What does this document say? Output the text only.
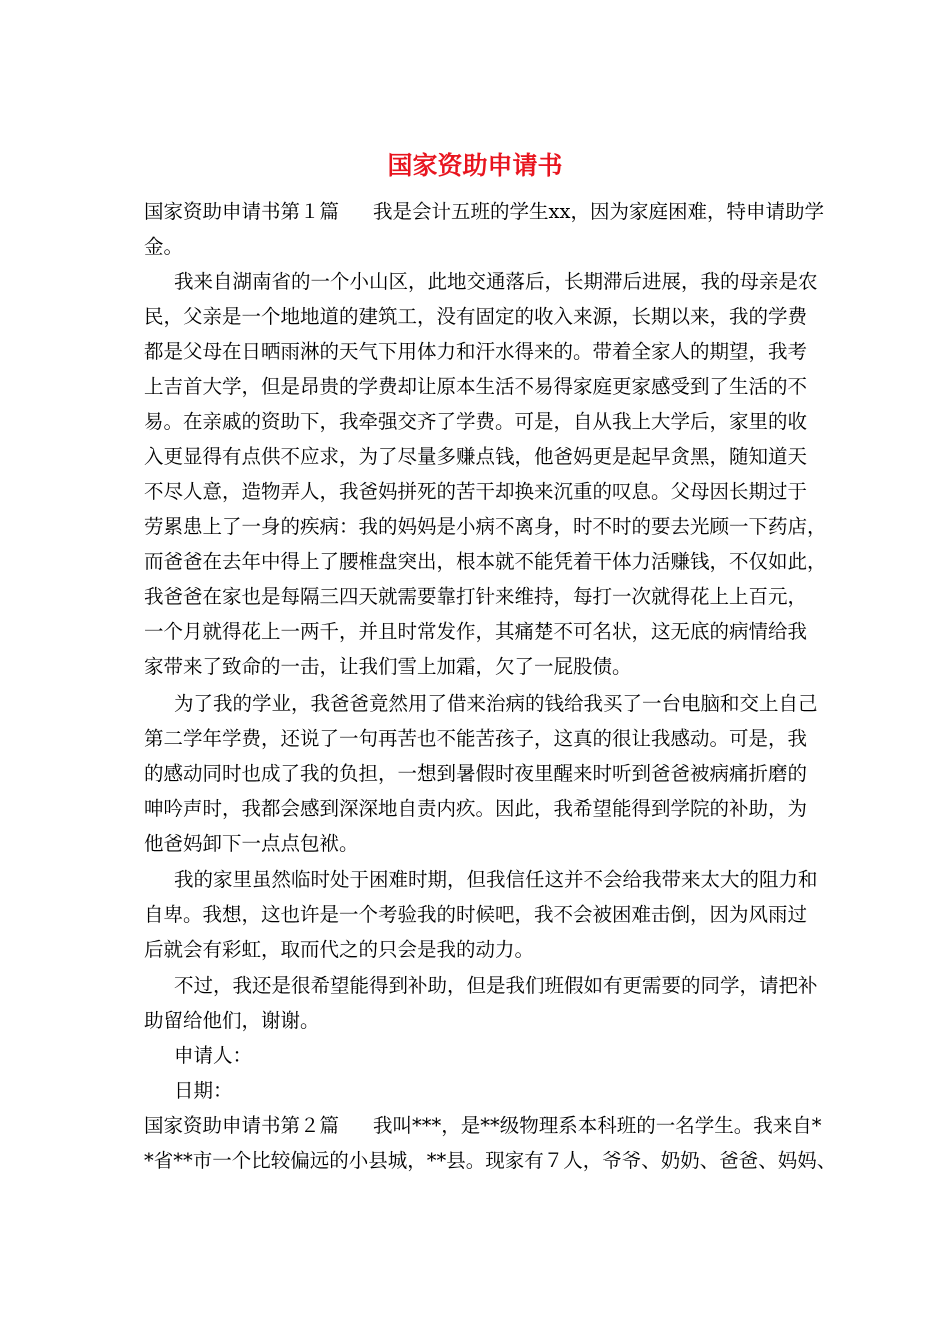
国家资助申请书

国家资助申请书第１篇 我是会计五班的学生xx，因为家庭困难，特申请助学

金。

我来自湖南省的一个小山区，此地交通落后，长期滞后进展，我的母亲是农

民，父亲是一个地地道的建筑工，没有固定的收入来源，长期以来，我的学费

都是父母在日晒雨淋的天气下用体力和汗水得来的。带着全家人的期望，我考

上吉首大学，但是昂贵的学费却让原本生活不易得家庭更家感受到了生活的不

易。在亲戚的资助下，我牵强交齐了学费。可是，自从我上大学后，家里的收

入更显得有点供不应求，为了尽量多赚点钱，他爸妈更是起早贪黑，随知道天

不尽人意，造物弄人，我爸妈拼死的苦干却换来沉重的叹息。父母因长期过于

劳累患上了一身的疾病：我的妈妈是小病不离身，时不时的要去光顾一下药店，

而爸爸在去年中得上了腰椎盘突出，根本就不能凭着干体力活赚钱，不仅如此，

我爸爸在家也是每隔三四天就需要靠打针来维持，每打一次就得花上上百元，

一个月就得花上一两千，并且时常发作，其痛楚不可名状，这无底的病情给我

家带来了致命的一击，让我们雪上加霜，欠了一屁股债。

为了我的学业，我爸爸竟然用了借来治病的钱给我买了一台电脑和交上自己

第二学年学费，还说了一句再苦也不能苦孩子，这真的很让我感动。可是，我

的感动同时也成了我的负担，一想到暑假时夜里醒来时听到爸爸被病痛折磨的

呻吟声时，我都会感到深深地自责内疚。因此，我希望能得到学院的补助，为

他爸妈卸下一点点包袱。

我的家里虽然临时处于困难时期，但我信任这并不会给我带来太大的阻力和

自卑。我想，这也许是一个考验我的时候吧，我不会被困难击倒，因为风雨过

后就会有彩虹，取而代之的只会是我的动力。

不过，我还是很希望能得到补助，但是我们班假如有更需要的同学，请把补

助留给他们，谢谢。

申请人：

日期：

国家资助申请书第２篇 我叫***，是**级物理系本科班的一名学生。我来自*

*省**市一个比较偏远的小县城，**县。现家有７人，爷爷、奶奶、爸爸、妈妈、
